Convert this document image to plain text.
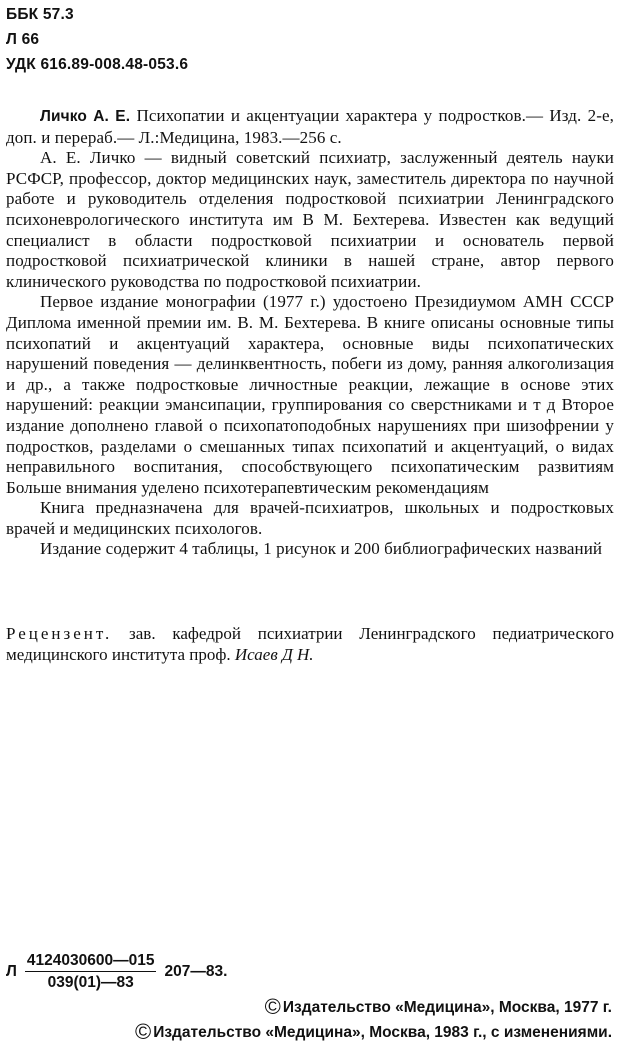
ББК 57.3
Л 66
УДК 616.89-008.48-053.6

Личко А. Е. Психопатии и акцентуации характера у подростков.— Изд. 2-е, доп. и перераб.— Л.:Медицина, 1983.—256 с.

А. Е. Личко — видный советский психиатр, заслуженный деятель науки РСФСР, профессор, доктор медицинских наук, заместитель директора по научной работе и руководитель отделения подростковой психиатрии Ленинградского психоневрологического института им В М. Бехтерева. Известен как ведущий специалист в области подростковой психиатрии и основатель первой подростковой психиатрической клиники в нашей стране, автор первого клинического руководства по подростковой психиатрии.

Первое издание монографии (1977 г.) удостоено Президиумом АМН СССР Диплома именной премии им. В. М. Бехтерева. В книге описаны основные типы психопатий и акцентуаций характера, основные виды психопатических нарушений поведения — делинквентность, побеги из дому, ранняя алкоголизация и др., а также подростковые личностные реакции, лежащие в основе этих нарушений: реакции эмансипации, группирования со сверстниками и т д Второе издание дополнено главой о психопатоподобных нарушениях при шизофрении у подростков, разделами о смешанных типах психопатий и акцентуаций, о видах неправильного воспитания, способствующего психопатическим развитиям Больше внимания уделено психотерапевтическим рекомендациям

Книга предназначена для врачей-психиатров, школьных и подростковых врачей и медицинских психологов.

Издание содержит 4 таблицы, 1 рисунок и 200 библиографических названий

Рецензент. зав. кафедрой психиатрии Ленинградского педиатрического медицинского института проф. Исаев Д Н.
Л $\frac{4124030600—015}{039(01)—83}$ 207—83.
© Издательство «Медицина», Москва, 1977 г.
© Издательство «Медицина», Москва, 1983 г., с изменениями.
